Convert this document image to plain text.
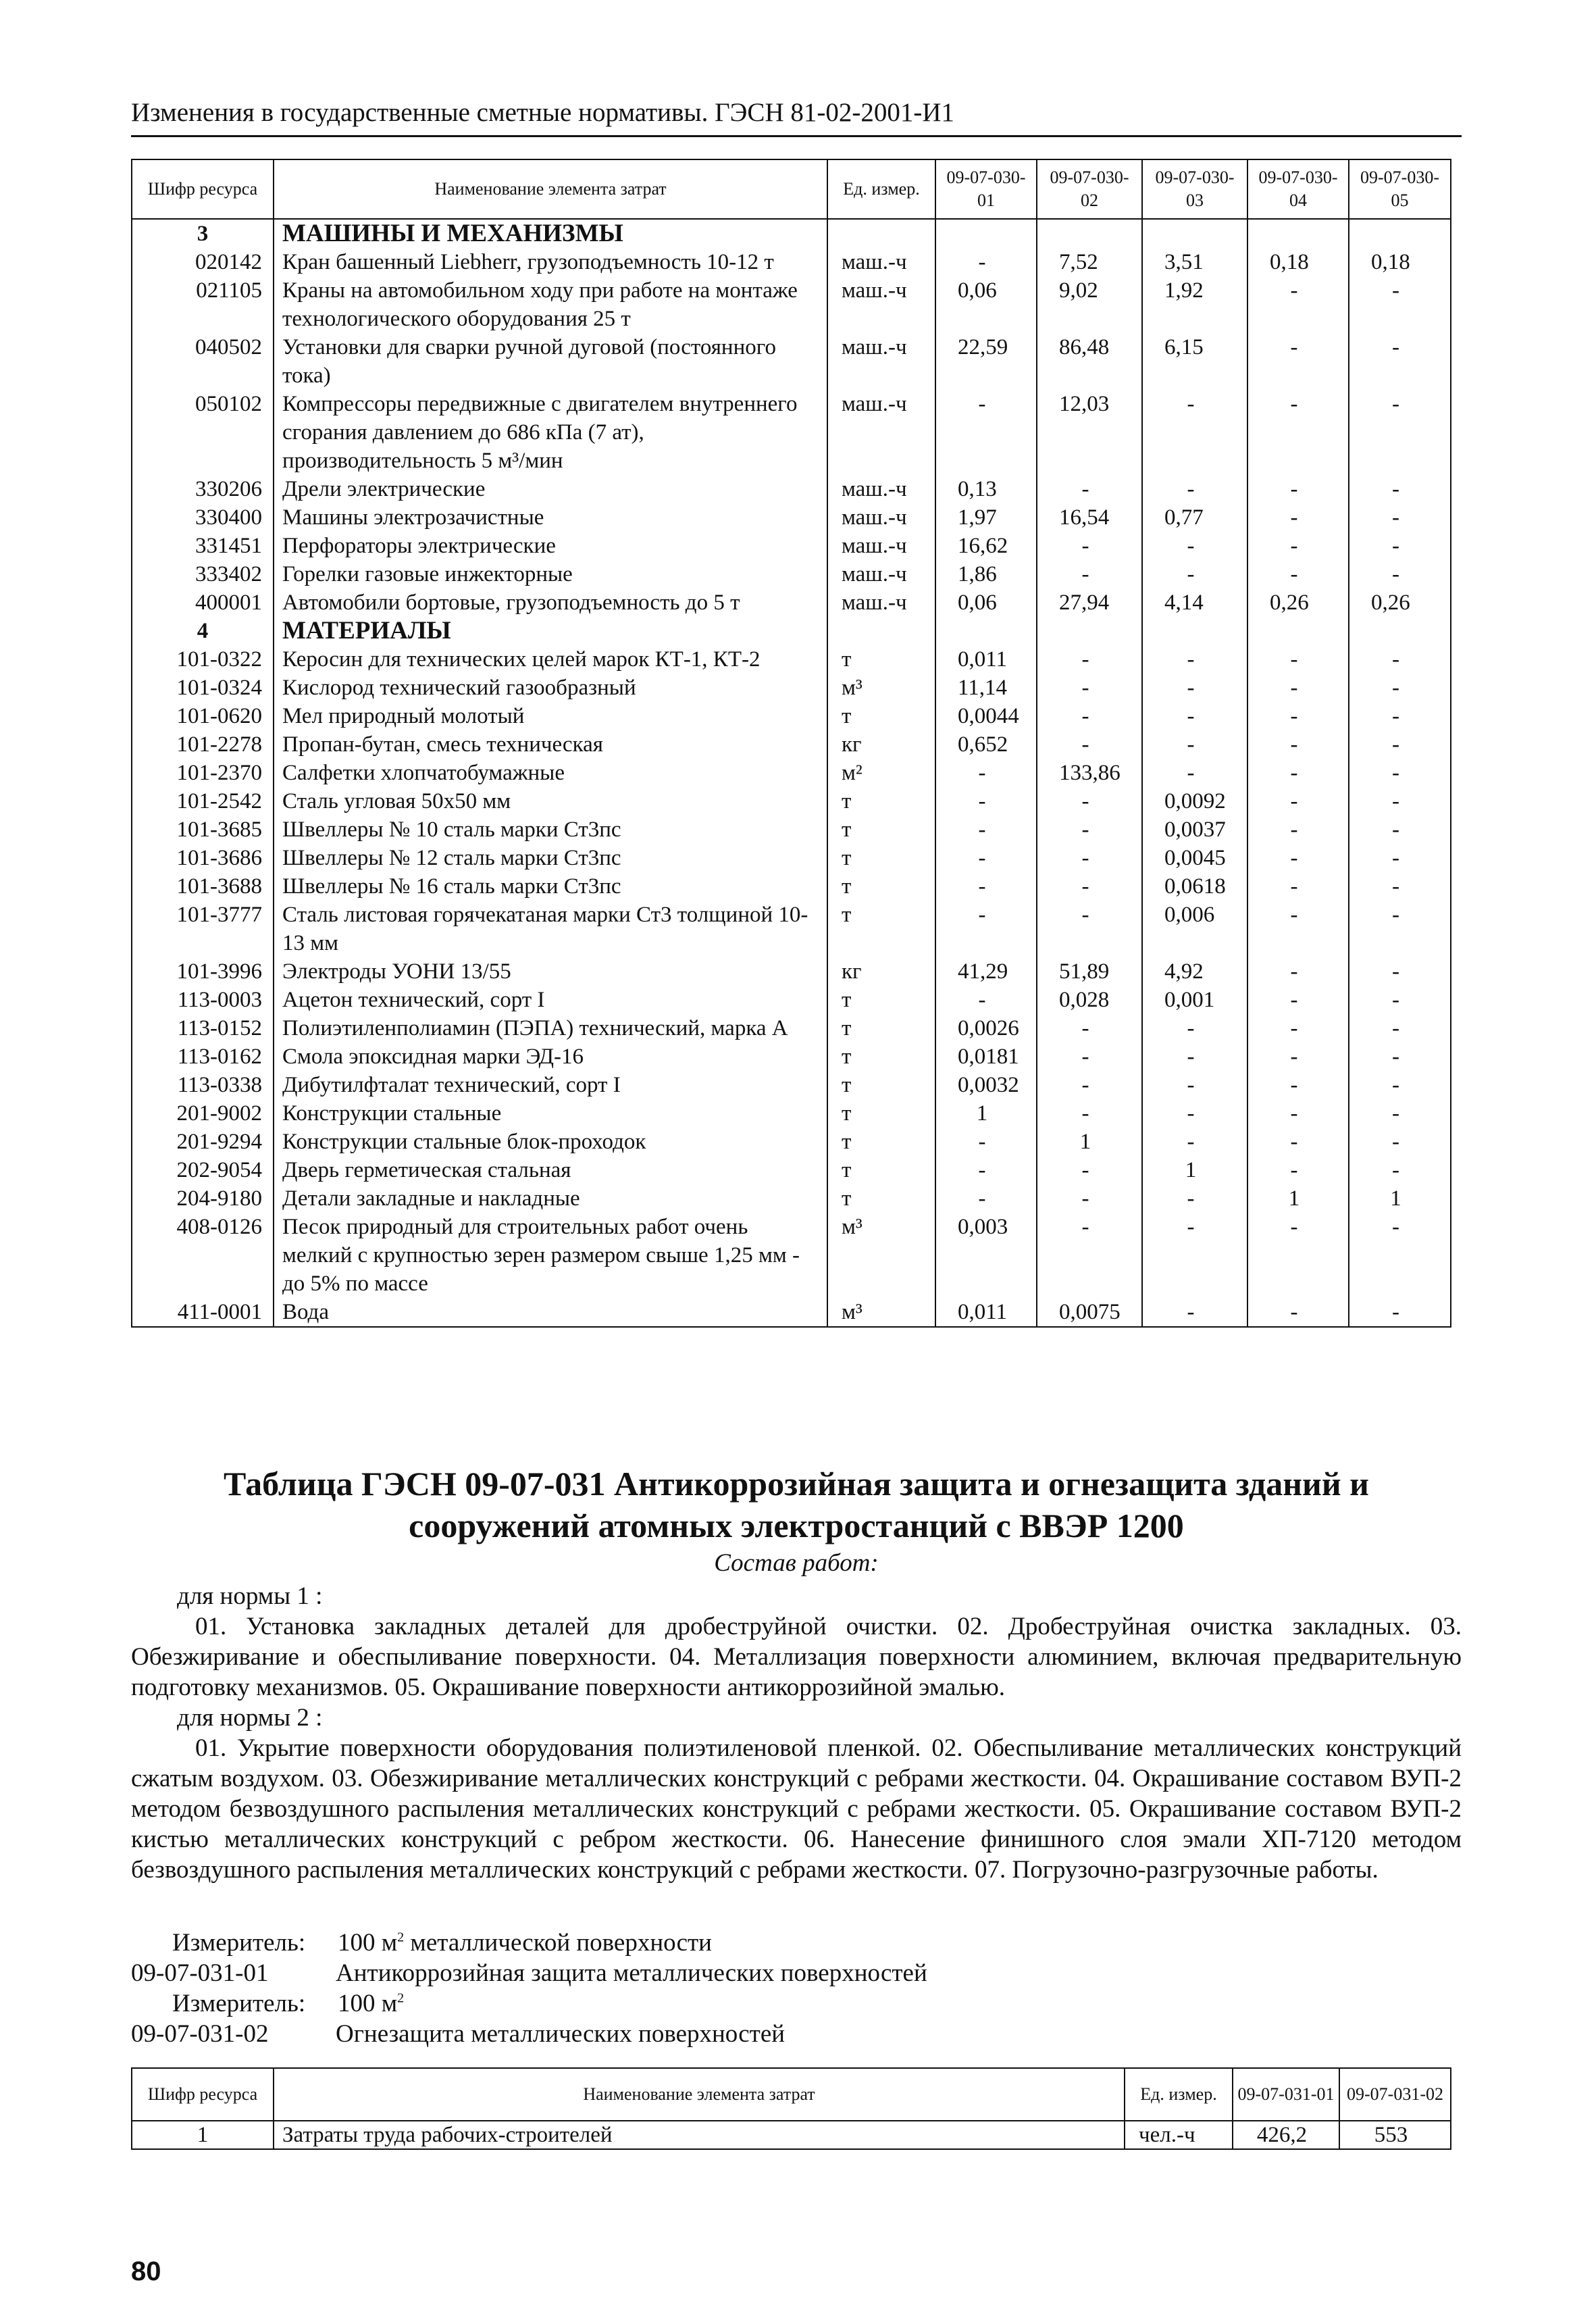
Изменения в государственные сметные нормативы. ГЭСН 81-02-2001-И1
Шифр ресурса	Наименование элемента затрат	Ед. измер.	09-07-030-01	09-07-030-02	09-07-030-03	09-07-030-04	09-07-030-05
3	МАШИНЫ И МЕХАНИЗМЫ						
020142	Кран башенный Liebherr, грузоподъемность 10-12 т	маш.-ч	-	7,52	3,51	0,18	0,18
021105	Краны на автомобильном ходу при работе на монтаже технологического оборудования 25 т	маш.-ч	0,06	9,02	1,92	-	-
040502	Установки для сварки ручной дуговой (постоянного тока)	маш.-ч	22,59	86,48	6,15	-	-
050102	Компрессоры передвижные с двигателем внутреннего сгорания давлением до 686 кПа (7 ат), производительность 5 м³/мин	маш.-ч	-	12,03	-	-	-
330206	Дрели электрические	маш.-ч	0,13	-	-	-	-
330400	Машины электрозачистные	маш.-ч	1,97	16,54	0,77	-	-
331451	Перфораторы электрические	маш.-ч	16,62	-	-	-	-
333402	Горелки газовые инжекторные	маш.-ч	1,86	-	-	-	-
400001	Автомобили бортовые, грузоподъемность до 5 т	маш.-ч	0,06	27,94	4,14	0,26	0,26
4	МАТЕРИАЛЫ						
101-0322	Керосин для технических целей марок КТ-1, КТ-2	т	0,011	-	-	-	-
101-0324	Кислород технический газообразный	м³	11,14	-	-	-	-
101-0620	Мел природный молотый	т	0,0044	-	-	-	-
101-2278	Пропан-бутан, смесь техническая	кг	0,652	-	-	-	-
101-2370	Салфетки хлопчатобумажные	м²	-	133,86	-	-	-
101-2542	Сталь угловая 50х50 мм	т	-	-	0,0092	-	-
101-3685	Швеллеры № 10 сталь марки Ст3пс	т	-	-	0,0037	-	-
101-3686	Швеллеры № 12 сталь марки Ст3пс	т	-	-	0,0045	-	-
101-3688	Швеллеры № 16 сталь марки Ст3пс	т	-	-	0,0618	-	-
101-3777	Сталь листовая горячекатаная марки Ст3 толщиной 10-13 мм	т	-	-	0,006	-	-
101-3996	Электроды УОНИ 13/55	кг	41,29	51,89	4,92	-	-
113-0003	Ацетон технический, сорт I	т	-	0,028	0,001	-	-
113-0152	Полиэтиленполиамин (ПЭПА) технический, марка А	т	0,0026	-	-	-	-
113-0162	Смола эпоксидная марки ЭД-16	т	0,0181	-	-	-	-
113-0338	Дибутилфталат технический, сорт I	т	0,0032	-	-	-	-
201-9002	Конструкции стальные	т	1	-	-	-	-
201-9294	Конструкции стальные блок-проходок	т	-	1	-	-	-
202-9054	Дверь герметическая стальная	т	-	-	1	-	-
204-9180	Детали закладные и накладные	т	-	-	-	1	1
408-0126	Песок природный для строительных работ очень мелкий с крупностью зерен размером свыше 1,25 мм - до 5% по массе	м³	0,003	-	-	-	-
411-0001	Вода	м³	0,011	0,0075	-	-	-
Таблица ГЭСН 09-07-031 Антикоррозийная защита и огнезащита зданий и сооружений атомных электростанций с ВВЭР 1200
Состав работ:
для нормы 1 :
01. Установка закладных деталей для дробеструйной очистки. 02. Дробеструйная очистка закладных. 03. Обезжиривание и обеспыливание поверхности. 04. Металлизация поверхности алюминием, включая предварительную подготовку механизмов. 05. Окрашивание поверхности антикоррозийной эмалью.
для нормы 2 :
01. Укрытие поверхности оборудования полиэтиленовой пленкой. 02. Обеспыливание металлических конструкций сжатым воздухом. 03. Обезжиривание металлических конструкций с ребрами жесткости. 04. Окрашивание составом ВУП-2 методом безвоздушного распыления металлических конструкций с ребрами жесткости. 05. Окрашивание составом ВУП-2 кистью металлических конструкций с ребром жесткости. 06. Нанесение финишного слоя эмали ХП-7120 методом безвоздушного распыления металлических конструкций с ребрами жесткости. 07. Погрузочно-разгрузочные работы.
Измеритель: 100 $м^2$ металлической поверхности
09-07-031-01	Антикоррозийная защита металлических поверхностей
Измеритель: 100 $м^2$
09-07-031-02	Огнезащита металлических поверхностей
Шифр ресурса	Наименование элемента затрат	Ед. измер.	09-07-031-01	09-07-031-02
1	Затраты труда рабочих-строителей	чел.-ч	426,2	553
80
